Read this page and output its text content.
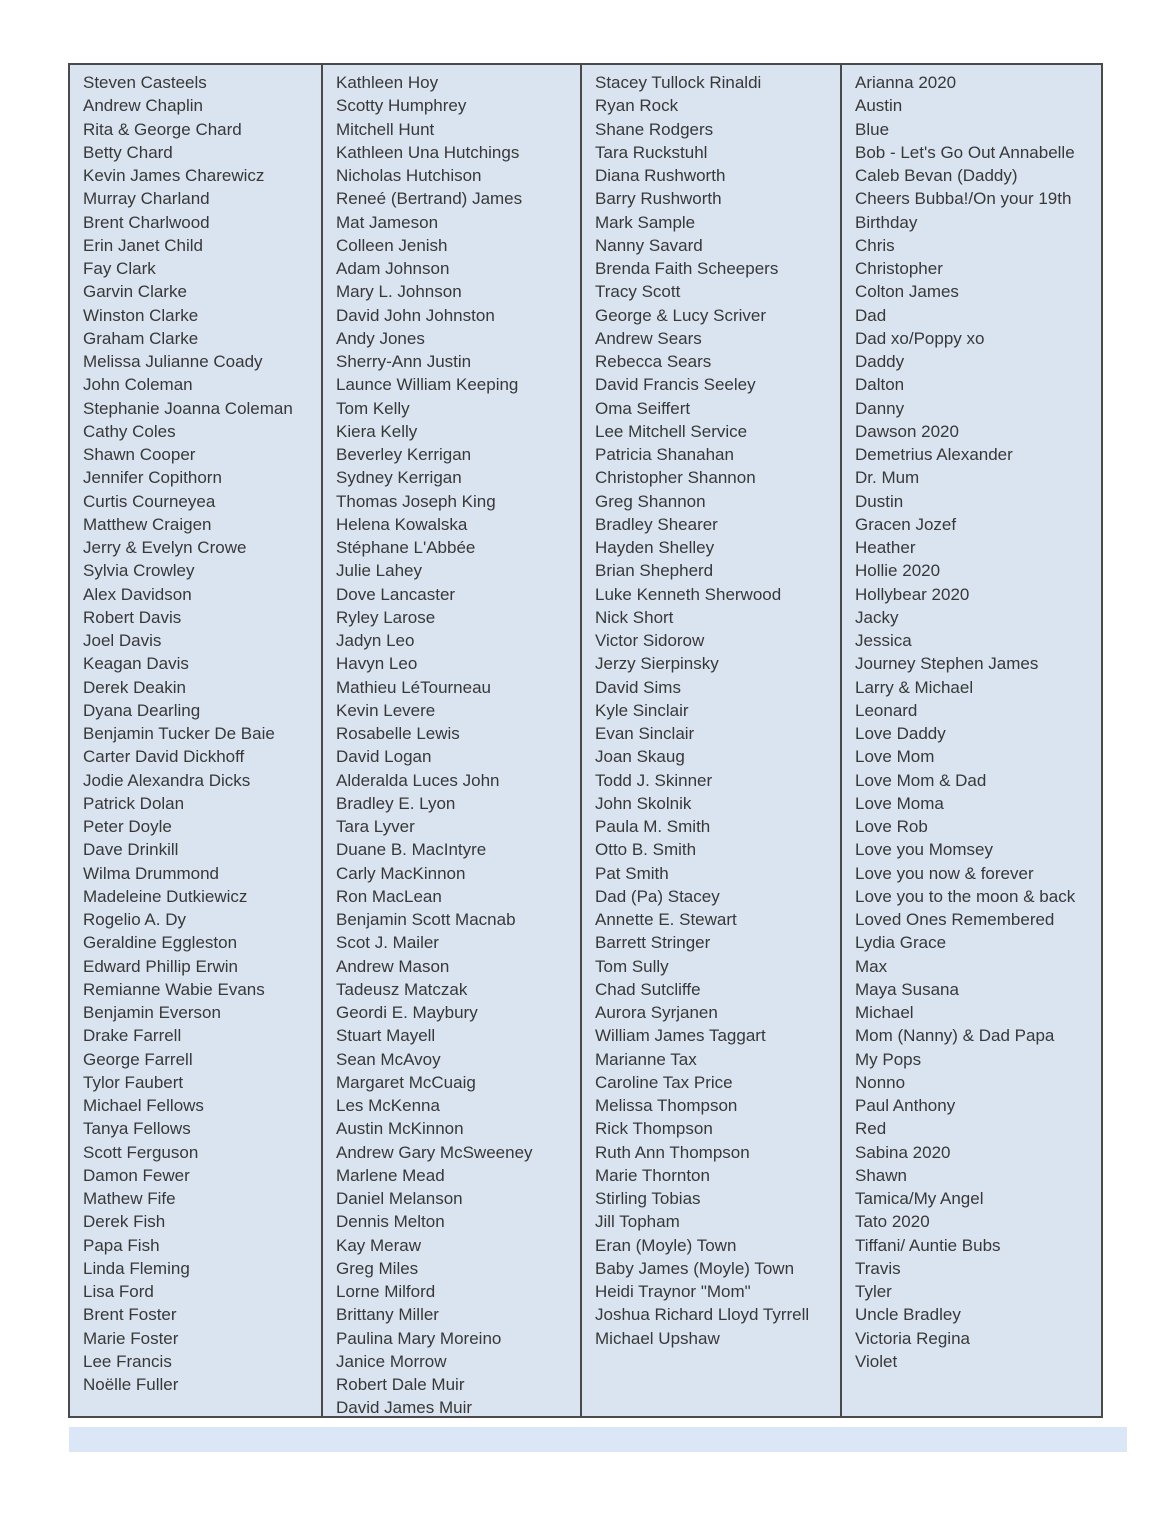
Steven Casteels
Andrew Chaplin
Rita & George Chard
Betty Chard
Kevin James Charewicz
Murray Charland
Brent Charlwood
Erin Janet Child
Fay Clark
Garvin Clarke
Winston Clarke
Graham Clarke
Melissa Julianne Coady
John Coleman
Stephanie Joanna Coleman
Cathy Coles
Shawn Cooper
Jennifer Copithorn
Curtis Courneyea
Matthew Craigen
Jerry & Evelyn Crowe
Sylvia Crowley
Alex Davidson
Robert Davis
Joel Davis
Keagan Davis
Derek Deakin
Dyana Dearling
Benjamin Tucker De Baie
Carter David Dickhoff
Jodie Alexandra Dicks
Patrick Dolan
Peter Doyle
Dave Drinkill
Wilma Drummond
Madeleine Dutkiewicz
Rogelio A. Dy
Geraldine Eggleston
Edward Phillip Erwin
Remianne Wabie Evans
Benjamin Everson
Drake Farrell
George Farrell
Tylor Faubert
Michael Fellows
Tanya Fellows
Scott Ferguson
Damon Fewer
Mathew Fife
Derek Fish
Papa Fish
Linda Fleming
Lisa Ford
Brent Foster
Marie Foster
Lee Francis
Noëlle Fuller
Kathleen Hoy
Scotty Humphrey
Mitchell Hunt
Kathleen Una Hutchings
Nicholas Hutchison
Reneé (Bertrand) James
Mat Jameson
Colleen Jenish
Adam Johnson
Mary L. Johnson
David John Johnston
Andy Jones
Sherry-Ann Justin
Launce William Keeping
Tom Kelly
Kiera Kelly
Beverley Kerrigan
Sydney Kerrigan
Thomas Joseph King
Helena Kowalska
Stéphane L'Abbée
Julie Lahey
Dove Lancaster
Ryley Larose
Jadyn Leo
Havyn Leo
Mathieu LéTourneau
Kevin Levere
Rosabelle Lewis
David Logan
Alderalda Luces John
Bradley E. Lyon
Tara Lyver
Duane B. MacIntyre
Carly MacKinnon
Ron MacLean
Benjamin Scott Macnab
Scot J. Mailer
Andrew Mason
Tadeusz Matczak
Geordi E. Maybury
Stuart Mayell
Sean McAvoy
Margaret McCuaig
Les McKenna
Austin McKinnon
Andrew Gary McSweeney
Marlene Mead
Daniel Melanson
Dennis Melton
Kay Meraw
Greg Miles
Lorne Milford
Brittany Miller
Paulina Mary Moreino
Janice Morrow
Robert Dale Muir
David James Muir
Stacey Tullock Rinaldi
Ryan Rock
Shane Rodgers
Tara Ruckstuhl
Diana Rushworth
Barry Rushworth
Mark Sample
Nanny Savard
Brenda Faith Scheepers
Tracy Scott
George & Lucy Scriver
Andrew Sears
Rebecca Sears
David Francis Seeley
Oma Seiffert
Lee Mitchell Service
Patricia Shanahan
Christopher Shannon
Greg Shannon
Bradley Shearer
Hayden Shelley
Brian Shepherd
Luke Kenneth Sherwood
Nick Short
Victor Sidorow
Jerzy Sierpinsky
David Sims
Kyle Sinclair
Evan Sinclair
Joan Skaug
Todd J. Skinner
John Skolnik
Paula M. Smith
Otto B. Smith
Pat Smith
Dad (Pa) Stacey
Annette E. Stewart
Barrett Stringer
Tom Sully
Chad Sutcliffe
Aurora Syrjanen
William James Taggart
Marianne Tax
Caroline Tax Price
Melissa Thompson
Rick Thompson
Ruth Ann Thompson
Marie Thornton
Stirling Tobias
Jill Topham
Eran (Moyle) Town
Baby James (Moyle) Town
Heidi Traynor "Mom"
Joshua Richard Lloyd Tyrrell
Michael Upshaw
Arianna 2020
Austin
Blue
Bob - Let's Go Out Annabelle
Caleb Bevan (Daddy)
Cheers Bubba!/On your 19th
Birthday
Chris
Christopher
Colton James
Dad
Dad xo/Poppy xo
Daddy
Dalton
Danny
Dawson 2020
Demetrius Alexander
Dr. Mum
Dustin
Gracen Jozef
Heather
Hollie 2020
Hollybear 2020
Jacky
Jessica
Journey Stephen James
Larry & Michael
Leonard
Love Daddy
Love Mom
Love Mom & Dad
Love Moma
Love Rob
Love you Momsey
Love you now & forever
Love you to the moon & back
Loved Ones Remembered
Lydia Grace
Max
Maya Susana
Michael
Mom (Nanny) & Dad Papa
My Pops
Nonno
Paul Anthony
Red
Sabina 2020
Shawn
Tamica/My Angel
Tato 2020
Tiffani/ Auntie Bubs
Travis
Tyler
Uncle Bradley
Victoria Regina
Violet
